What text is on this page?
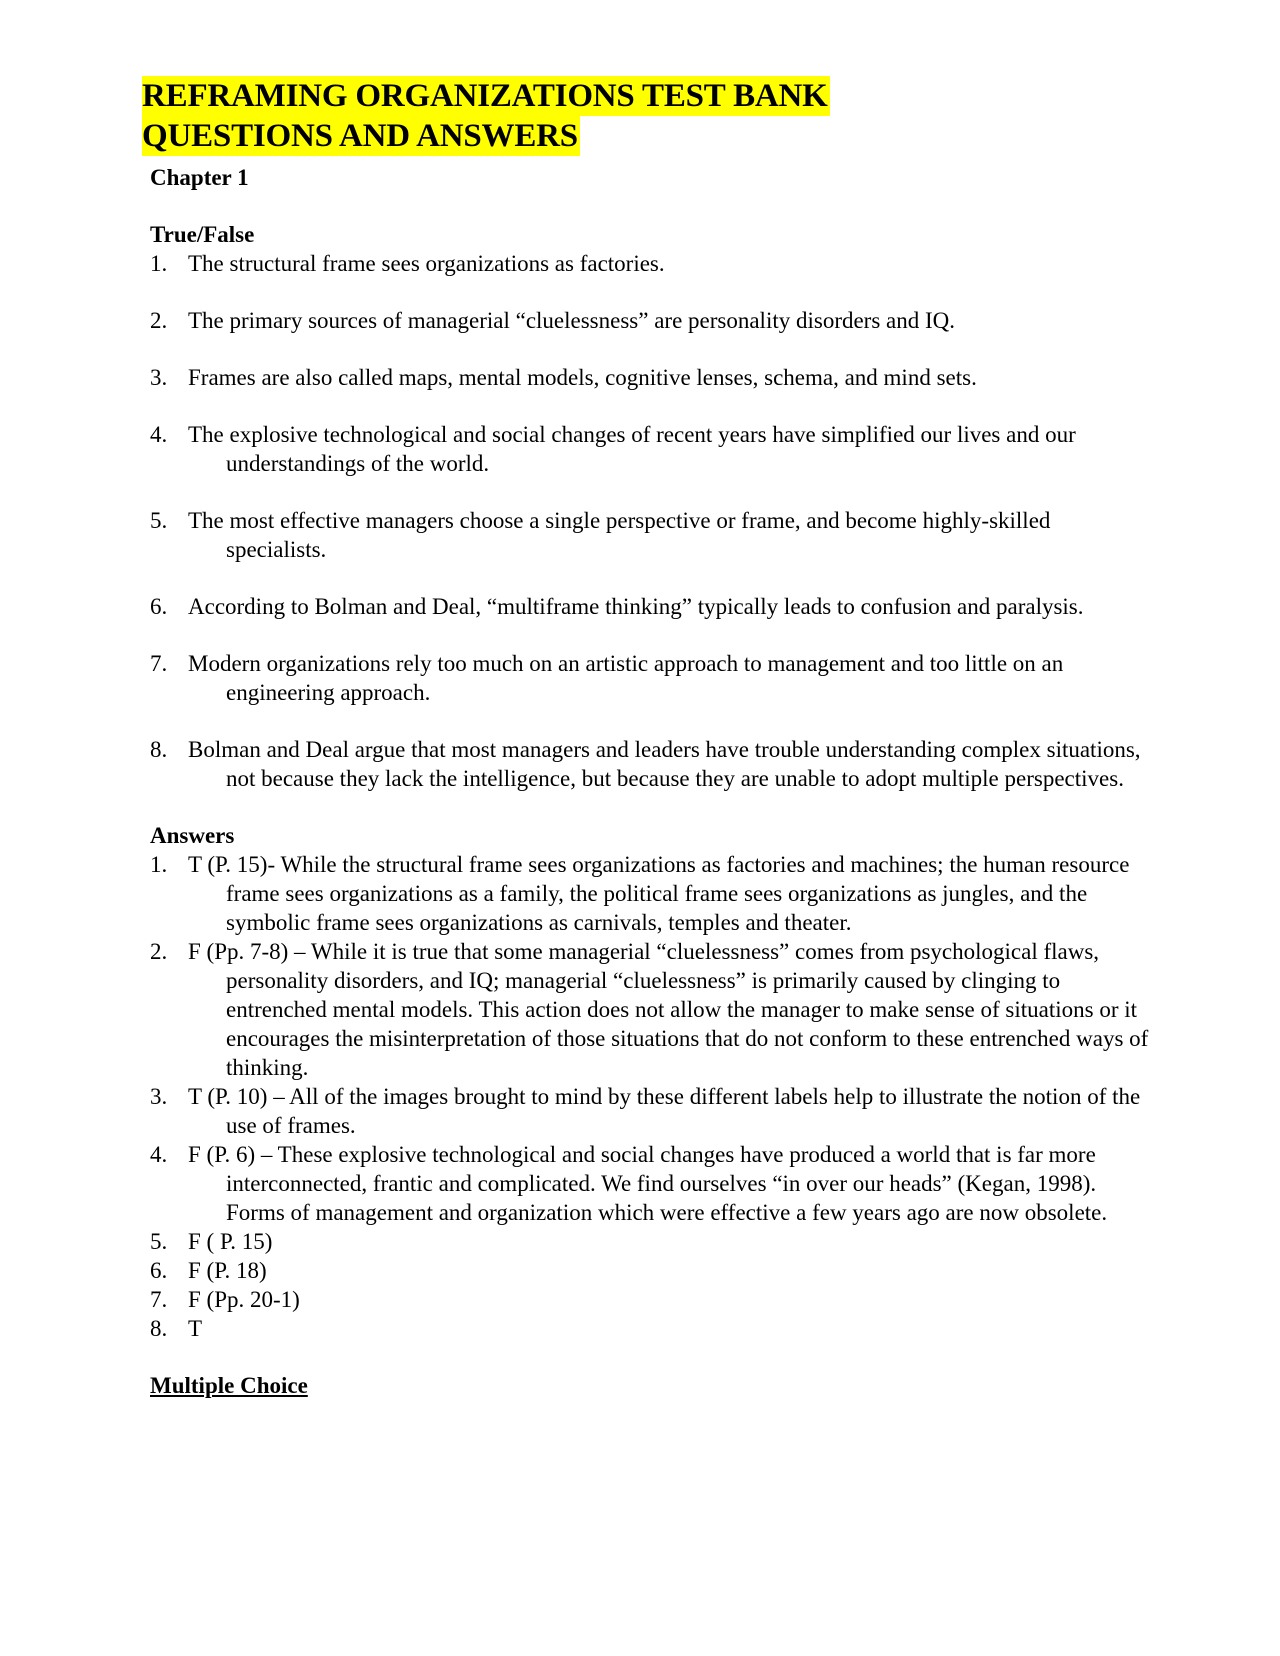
REFRAMING ORGANIZATIONS TEST BANK
QUESTIONS AND ANSWERS

Chapter 1

True/False

1. The structural frame sees organizations as factories.
2. The primary sources of managerial “cluelessness” are personality disorders and IQ.
3. Frames are also called maps, mental models, cognitive lenses, schema, and mind sets.
4. The explosive technological and social changes of recent years have simplified our lives and our understandings of the world.
5. The most effective managers choose a single perspective or frame, and become highly-skilled specialists.
6. According to Bolman and Deal, “multiframe thinking” typically leads to confusion and paralysis.
7. Modern organizations rely too much on an artistic approach to management and too little on an engineering approach.
8. Bolman and Deal argue that most managers and leaders have trouble understanding complex situations, not because they lack the intelligence, but because they are unable to adopt multiple perspectives.

Answers

1. T (P. 15)- While the structural frame sees organizations as factories and machines; the human resource frame sees organizations as a family, the political frame sees organizations as jungles, and the symbolic frame sees organizations as carnivals, temples and theater.
2. F (Pp. 7-8) – While it is true that some managerial “cluelessness” comes from psychological flaws, personality disorders, and IQ; managerial “cluelessness” is primarily caused by clinging to entrenched mental models. This action does not allow the manager to make sense of situations or it encourages the misinterpretation of those situations that do not conform to these entrenched ways of thinking.
3. T (P. 10) – All of the images brought to mind by these different labels help to illustrate the notion of the use of frames.
4. F (P. 6) – These explosive technological and social changes have produced a world that is far more interconnected, frantic and complicated. We find ourselves “in over our heads” (Kegan, 1998). Forms of management and organization which were effective a few years ago are now obsolete.
5. F ( P. 15)
6. F (P. 18)
7. F (Pp. 20-1)
8. T

Multiple Choice
